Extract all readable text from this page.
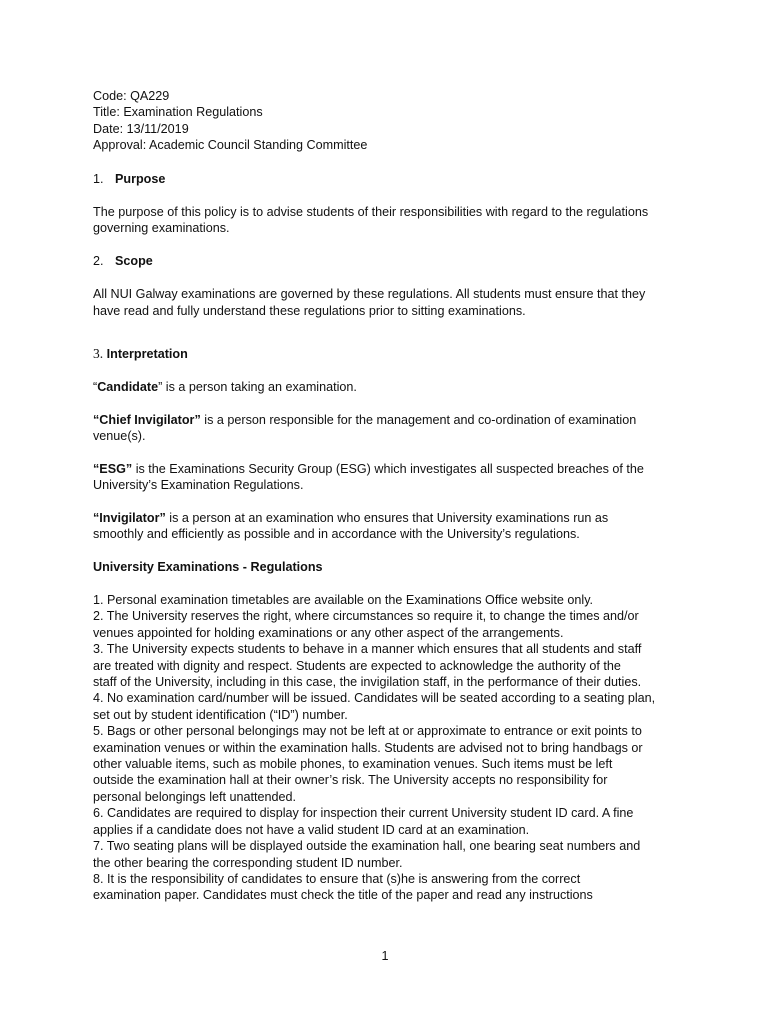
Code: QA229
Title: Examination Regulations
Date: 13/11/2019
Approval: Academic Council Standing Committee
1. Purpose
The purpose of this policy is to advise students of their responsibilities with regard to the regulations
governing examinations.
2. Scope
All NUI Galway examinations are governed by these regulations. All students must ensure that they
have read and fully understand these regulations prior to sitting examinations.
3. Interpretation
“Candidate” is a person taking an examination.
“Chief Invigilator” is a person responsible for the management and co-ordination of examination
venue(s).
“ESG” is the Examinations Security Group (ESG) which investigates all suspected breaches of the
University’s Examination Regulations.
“Invigilator” is a person at an examination who ensures that University examinations run as
smoothly and efficiently as possible and in accordance with the University’s regulations.
University Examinations - Regulations
1. Personal examination timetables are available on the Examinations Office website only.
2. The University reserves the right, where circumstances so require it, to change the times and/or
venues appointed for holding examinations or any other aspect of the arrangements.
3. The University expects students to behave in a manner which ensures that all students and staff
are treated with dignity and respect. Students are expected to acknowledge the authority of the
staff of the University, including in this case, the invigilation staff, in the performance of their duties.
4. No examination card/number will be issued. Candidates will be seated according to a seating plan,
set out by student identification (“ID”) number.
5. Bags or other personal belongings may not be left at or approximate to entrance or exit points to
examination venues or within the examination halls. Students are advised not to bring handbags or
other valuable items, such as mobile phones, to examination venues. Such items must be left
outside the examination hall at their owner’s risk. The University accepts no responsibility for
personal belongings left unattended.
6. Candidates are required to display for inspection their current University student ID card. A fine
applies if a candidate does not have a valid student ID card at an examination.
7. Two seating plans will be displayed outside the examination hall, one bearing seat numbers and
the other bearing the corresponding student ID number.
8. It is the responsibility of candidates to ensure that (s)he is answering from the correct
examination paper. Candidates must check the title of the paper and read any instructions
1
